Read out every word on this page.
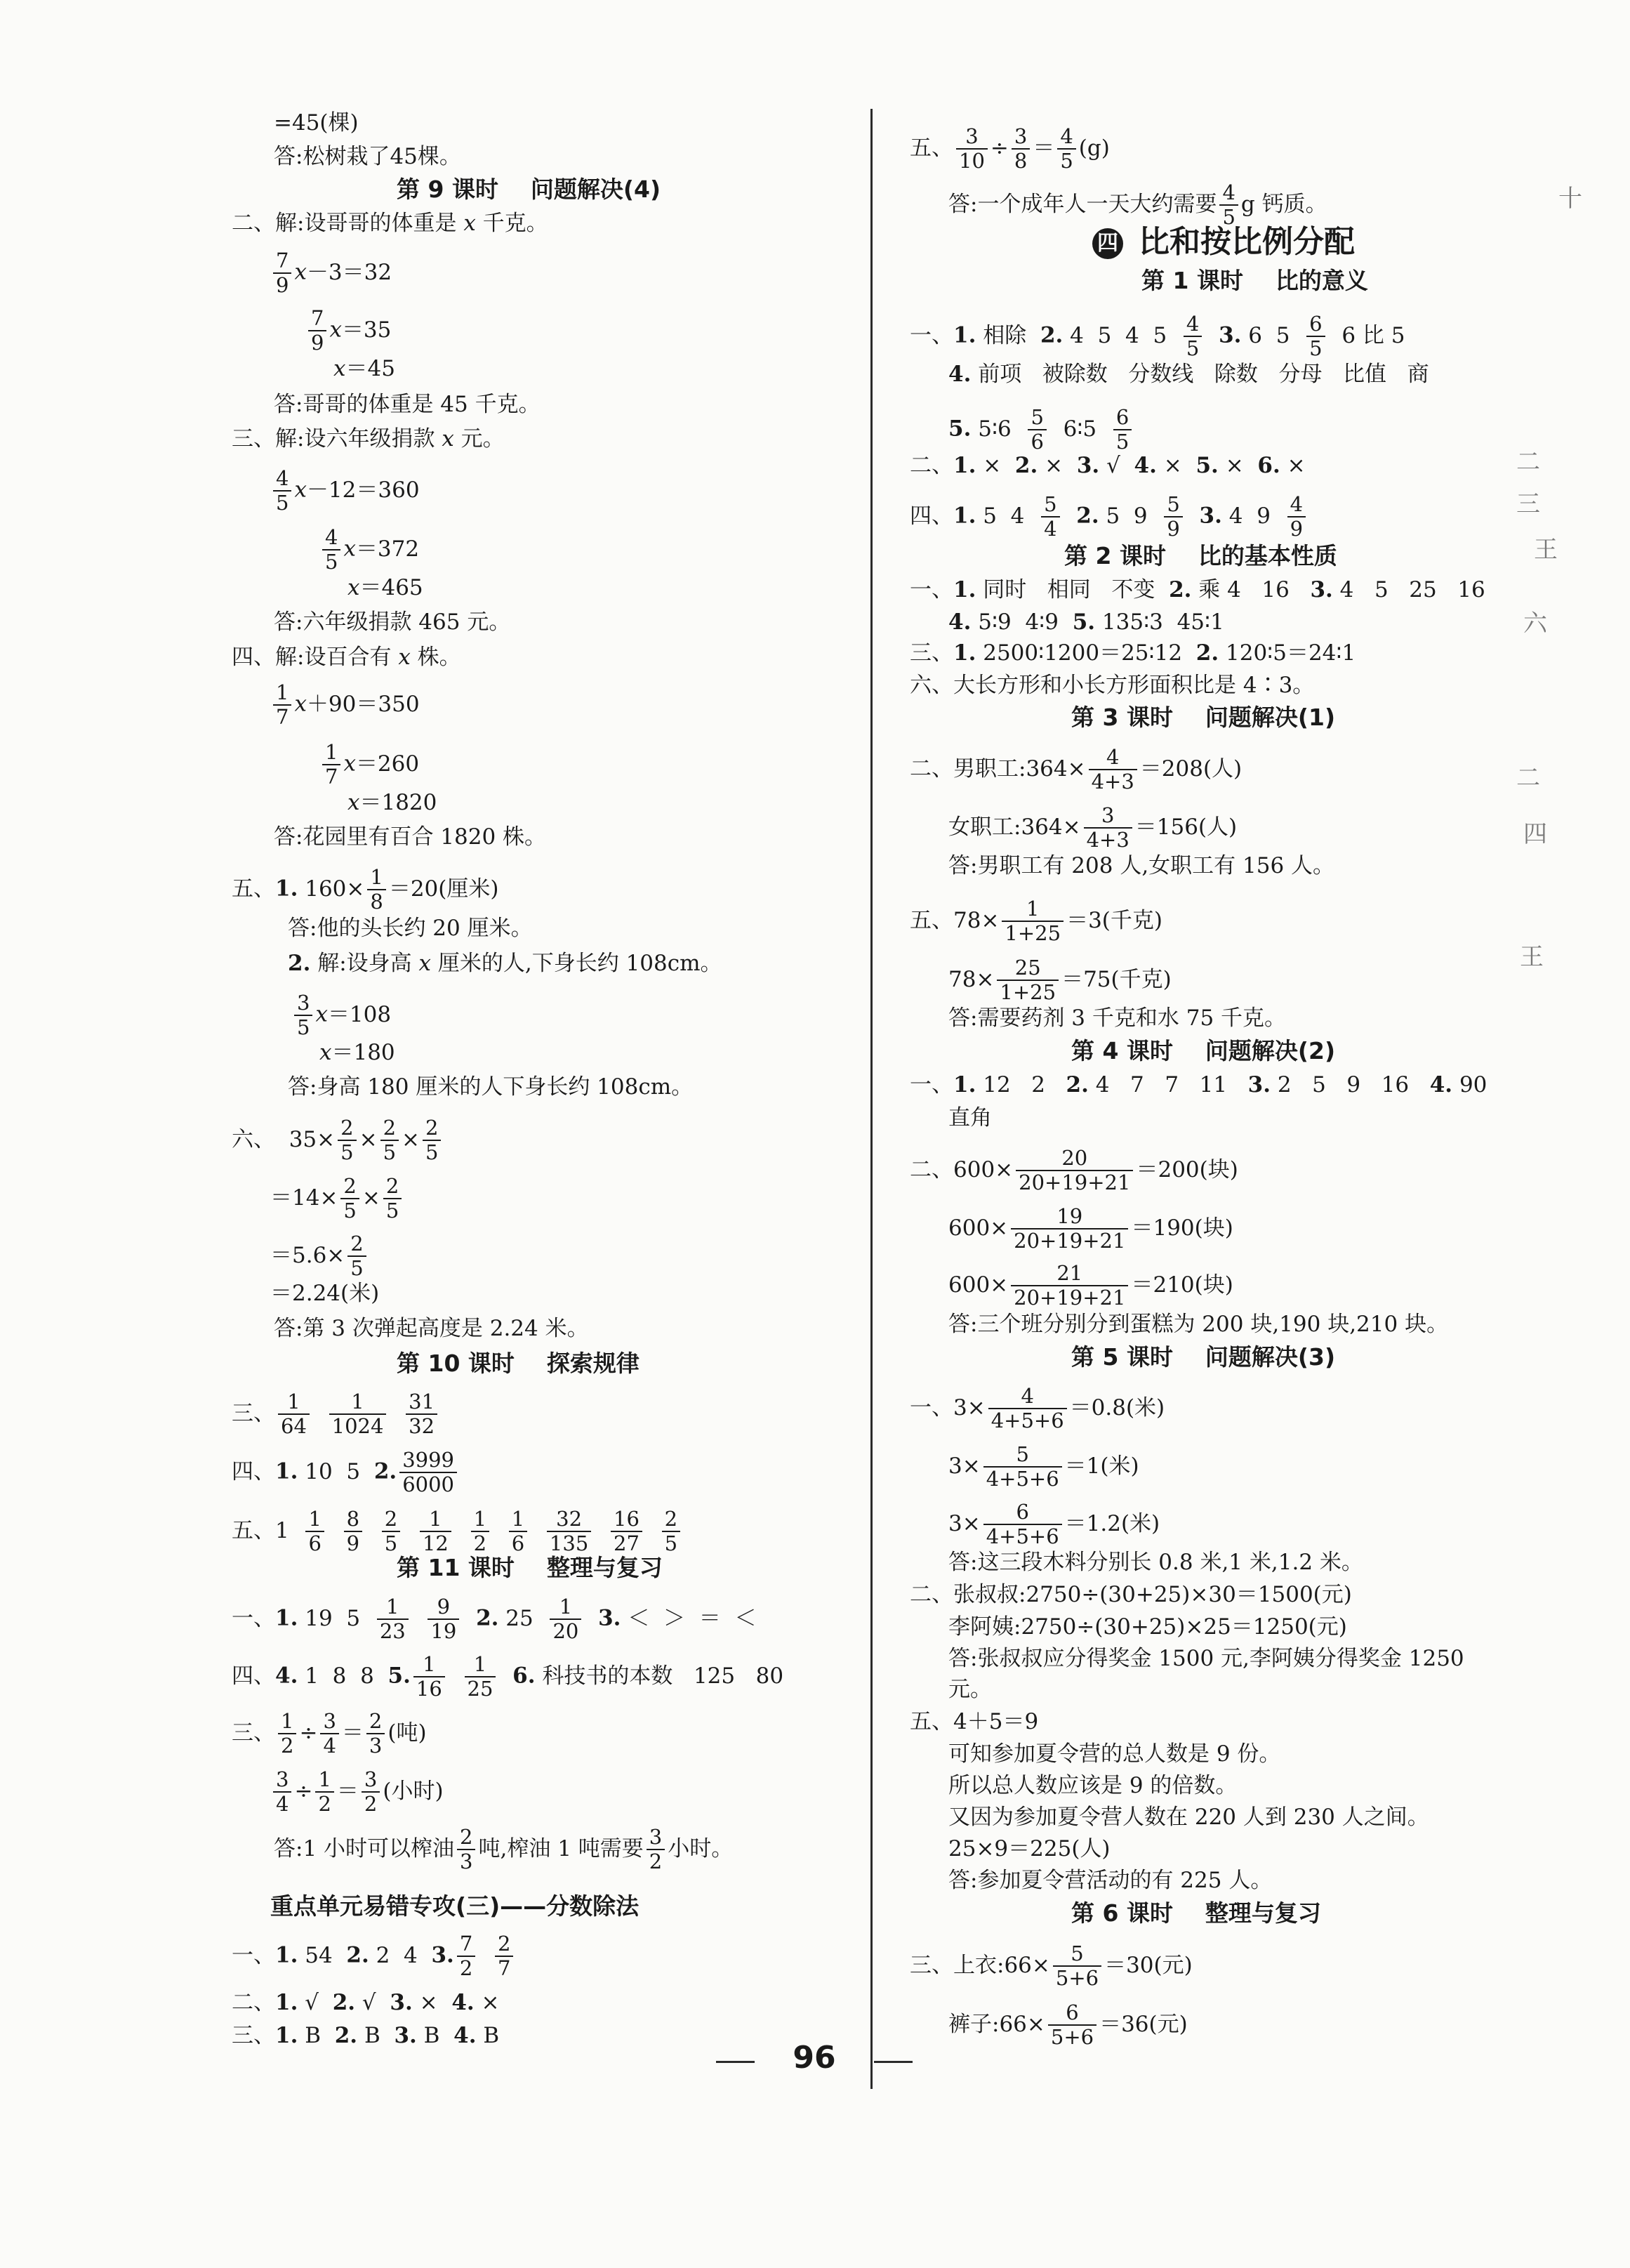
=45(棵)
答:松树栽了45棵。
第 9 课时    问题解决(4)
二、解:设哥哥的体重是 x 千克。
$\frac{7}{9} x-3=32$
$\frac{7}{9} x=35$
x＝45
答:哥哥的体重是 45 千克。
三、解:设六年级捐款 x 元。
$\frac{4}{5} x-12=360$
$\frac{4}{5} x=372$
x＝465
答:六年级捐款 465 元。
四、解:设百合有 x 株。
$\frac{1}{7} x+90=350$
$\frac{1}{7} x=260$
x＝1820
答:花园里有百合 1820 株。
五、1. $160\times \frac{1}{8} =20$(厘米)
答:他的头长约 20 厘米。
2. 解:设身高 x 厘米的人,下身长约 108cm。
$\frac{3}{5} x=108$
x＝180
答:身高 180 厘米的人下身长约 108cm。
六、  $35\times \frac{2}{5} \times \frac{2}{5} \times \frac{2}{5}$
$=14\times \frac{2}{5} \times \frac{2}{5}$
$=5.6\times \frac{2}{5}$
＝2.24(米)
答:第 3 次弹起高度是 2.24 米。
第 10 课时    探索规律
三、 $\frac{1}{64}$
$\frac{1}{1024}$
$\frac{31}{32}$
四、1. 10  5  2. $\frac{3999}{6000}$
五、$1 \frac{1}{6}$
$\frac{8}{9}$
$\frac{2}{5}$
$\frac{1}{12}$
$\frac{1}{2}$
$\frac{1}{6}$
$\frac{32}{135}$
$\frac{16}{27}$
$\frac{2}{5}$
第 11 课时    整理与复习
一、1. 19  $5 \frac{1}{23}$
$\frac{9}{19} 2$. $25 \frac{1}{20} 3$. ＜  ＞  ＝  ＜
四、4. 1  8  8  5. $\frac{1}{16}$
$\frac{1}{25} 6$. 科技书的本数   125   80
三、 $\frac{1}{2} \div \frac{3}{4} = \frac{2}{3}$ (吨)
$\frac{3}{4} \div \frac{1}{2} = \frac{3}{2}$ (小时)
答:1 小时可以榨油 $\frac{2}{3}$ 吨,榨油 1 吨需要 $\frac{3}{2}$ 小时。
重点单元易错专攻(三)——分数除法
一、1. 54  2. 2  4  3. $\frac{7}{2}$
$\frac{2}{7}$
二、1. √  2. √  3. ×  4. ×
三、1. B  2. B  3. B  4. B
五、 $\frac{3}{10} \div \frac{3}{8} = \frac{4}{5} (g)$
答:一个成年人一天大约需要 $\frac{4}{5}$ g 钙质。
四 比和按比例分配
第 1 课时    比的意义
一、1. 相除  2. 4  5  4  $5 \frac{4}{5} 3$. 6  $5 \frac{6}{5} 6$ 比 5
4. 前项   被除数   分数线   除数   分母   比值   商
5. 5∶6 $\frac{5}{6}$ 6∶5 $\frac{6}{5}$
二、1. ×  2. ×  3. √  4. ×  5. ×  6. ×
四、1. 5  $4 \frac{5}{4} 2$. 5  $9 \frac{5}{9} 3$. 4  $9 \frac{4}{9}$
第 2 课时    比的基本性质
一、1. 同时   相同   不变  2. 乘 4   16   3. 4   5   25   16
4. 5∶9  4∶9  5. 135∶3  45∶1
三、1. 2500∶1200＝25∶12  2. 120∶5＝24∶1
六、大长方形和小长方形面积比是 4∶3。
第 3 课时    问题解决(1)
二、男职工:364× $\frac{4}{4+3} =208$(人)
女职工:364× $\frac{3}{4+3} =156$(人)
答:男职工有 208 人,女职工有 156 人。
五、$78\times \frac{1}{1+25} =3$(千克)
$78\times \frac{25}{1+25} =75$(千克)
答:需要药剂 3 千克和水 75 千克。
第 4 课时    问题解决(2)
一、1. 12   2   2. 4   7   7   11   3. 2   5   9   16   4. 90
直角
二、$600\times \frac{20}{20+19+21} =200$(块)
$600\times \frac{19}{20+19+21} =190$(块)
$600\times \frac{21}{20+19+21} =210$(块)
答:三个班分别分到蛋糕为 200 块,190 块,210 块。
第 5 课时    问题解决(3)
一、$3\times \frac{4}{4+5+6} =0.8$(米)
$3\times \frac{5}{4+5+6} =1$(米)
$3\times \frac{6}{4+5+6} =1.2$(米)
答:这三段木料分别长 0.8 米,1 米,1.2 米。
二、张叔叔:2750÷(30+25)×30＝1500(元)
李阿姨:2750÷(30+25)×25＝1250(元)
答:张叔叔应分得奖金 1500 元,李阿姨分得奖金 1250
元。
五、4＋5＝9
可知参加夏令营的总人数是 9 份。
所以总人数应该是 9 的倍数。
又因为参加夏令营人数在 220 人到 230 人之间。
25×9＝225(人)
答:参加夏令营活动的有 225 人。
第 6 课时    整理与复习
三、上衣:66× $\frac{5}{5+6} =30$(元)
裤子:66× $\frac{6}{5+6} =36$(元)
96
十
二
三
王
六
二
四
王
